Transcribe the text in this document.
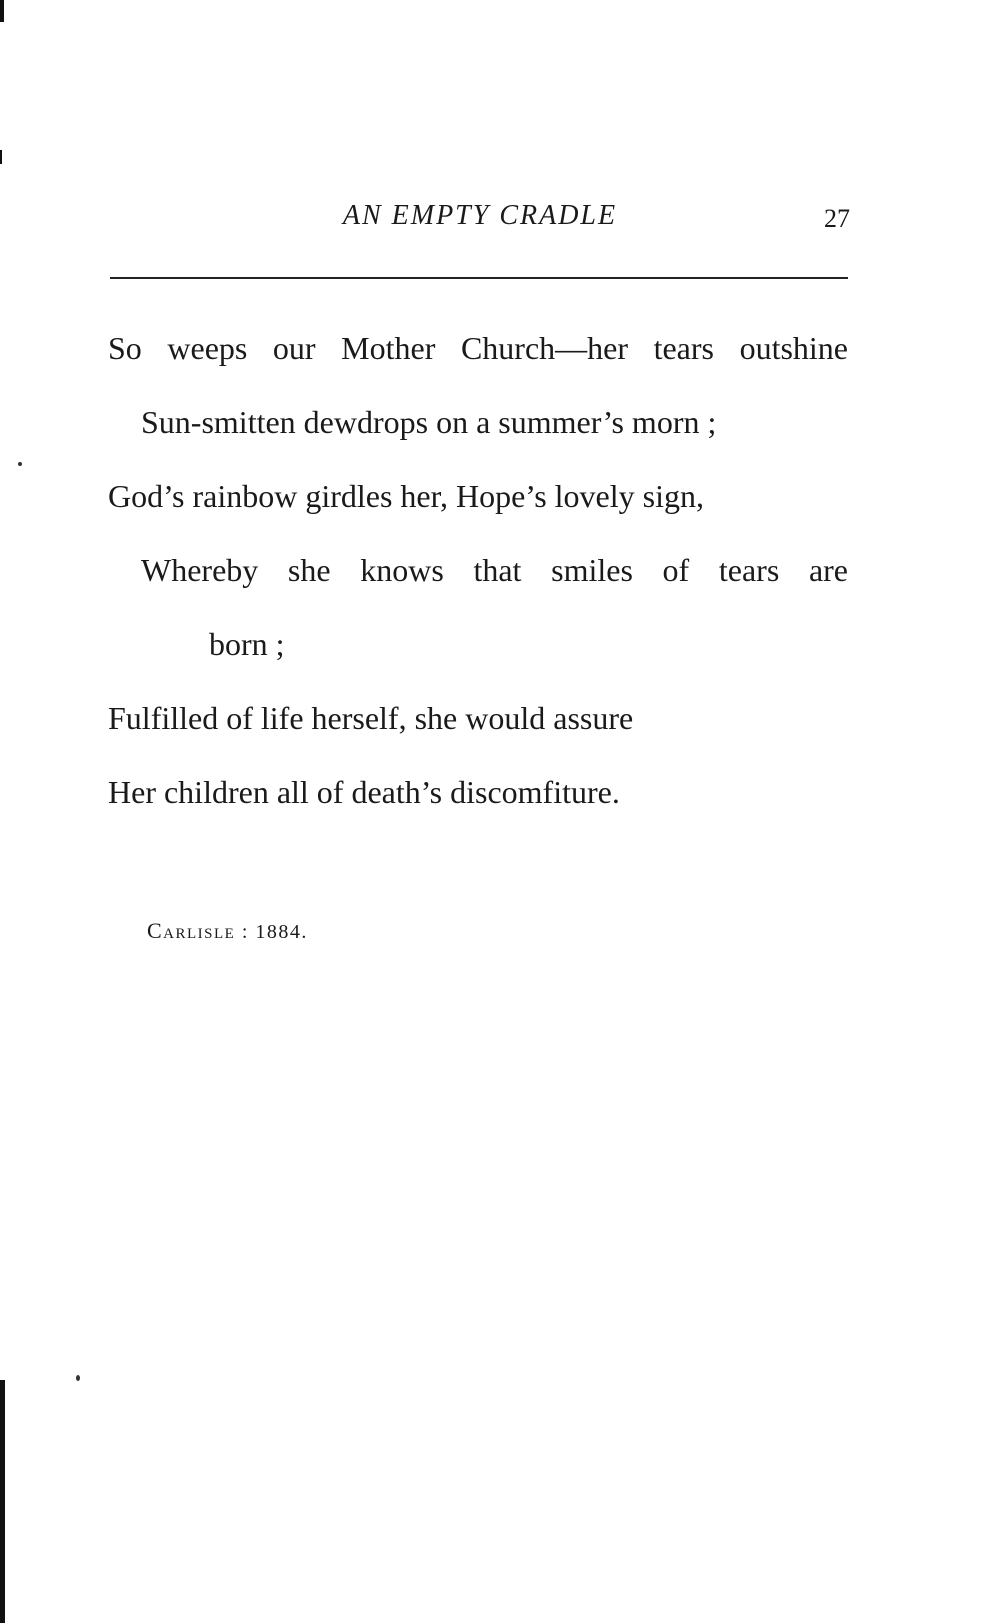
AN EMPTY CRADLE	27
So weeps our Mother Church—her tears outshine
Sun-smitten dewdrops on a summer’s morn ;
God’s rainbow girdles her, Hope’s lovely sign,
Whereby she knows that smiles of tears are
born ;
Fulfilled of life herself, she would assure
Her children all of death’s discomfiture.
Carlisle : 1884.
